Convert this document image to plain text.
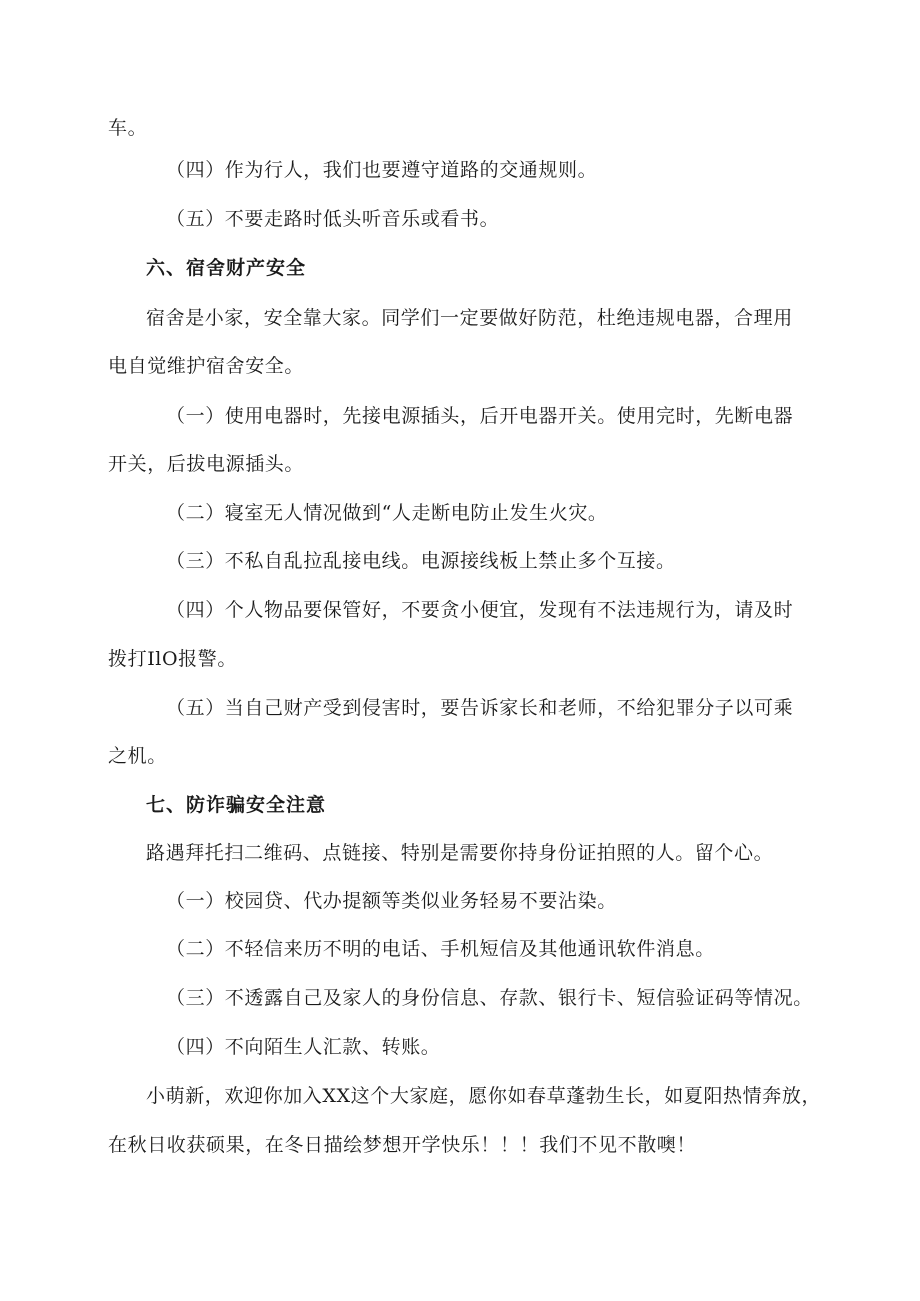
车。
（四）作为行人，我们也要遵守道路的交通规则。
（五）不要走路时低头听音乐或看书。
六、宿舍财产安全
宿舍是小家，安全靠大家。同学们一定要做好防范，杜绝违规电器，合理用
电自觉维护宿舍安全。
（一）使用电器时，先接电源插头，后开电器开关。使用完时，先断电器
开关，后拔电源插头。
（二）寝室无人情况做到“人走断电防止发生火灾。
（三）不私自乱拉乱接电线。电源接线板上禁止多个互接。
（四）个人物品要保管好，不要贪小便宜，发现有不法违规行为，请及时
拨打IlO报警。
（五）当自己财产受到侵害时，要告诉家长和老师，不给犯罪分子以可乘
之机。
七、防诈骗安全注意
路遇拜托扫二维码、点链接、特别是需要你持身份证拍照的人。留个心。
（一）校园贷、代办提额等类似业务轻易不要沾染。
（二）不轻信来历不明的电话、手机短信及其他通讯软件消息。
（三）不透露自己及家人的身份信息、存款、银行卡、短信验证码等情况。
（四）不向陌生人汇款、转账。
小萌新，欢迎你加入XX这个大家庭，愿你如春草蓬勃生长，如夏阳热情奔放，
在秋日收获硕果，在冬日描绘梦想开学快乐！！！我们不见不散噢！
